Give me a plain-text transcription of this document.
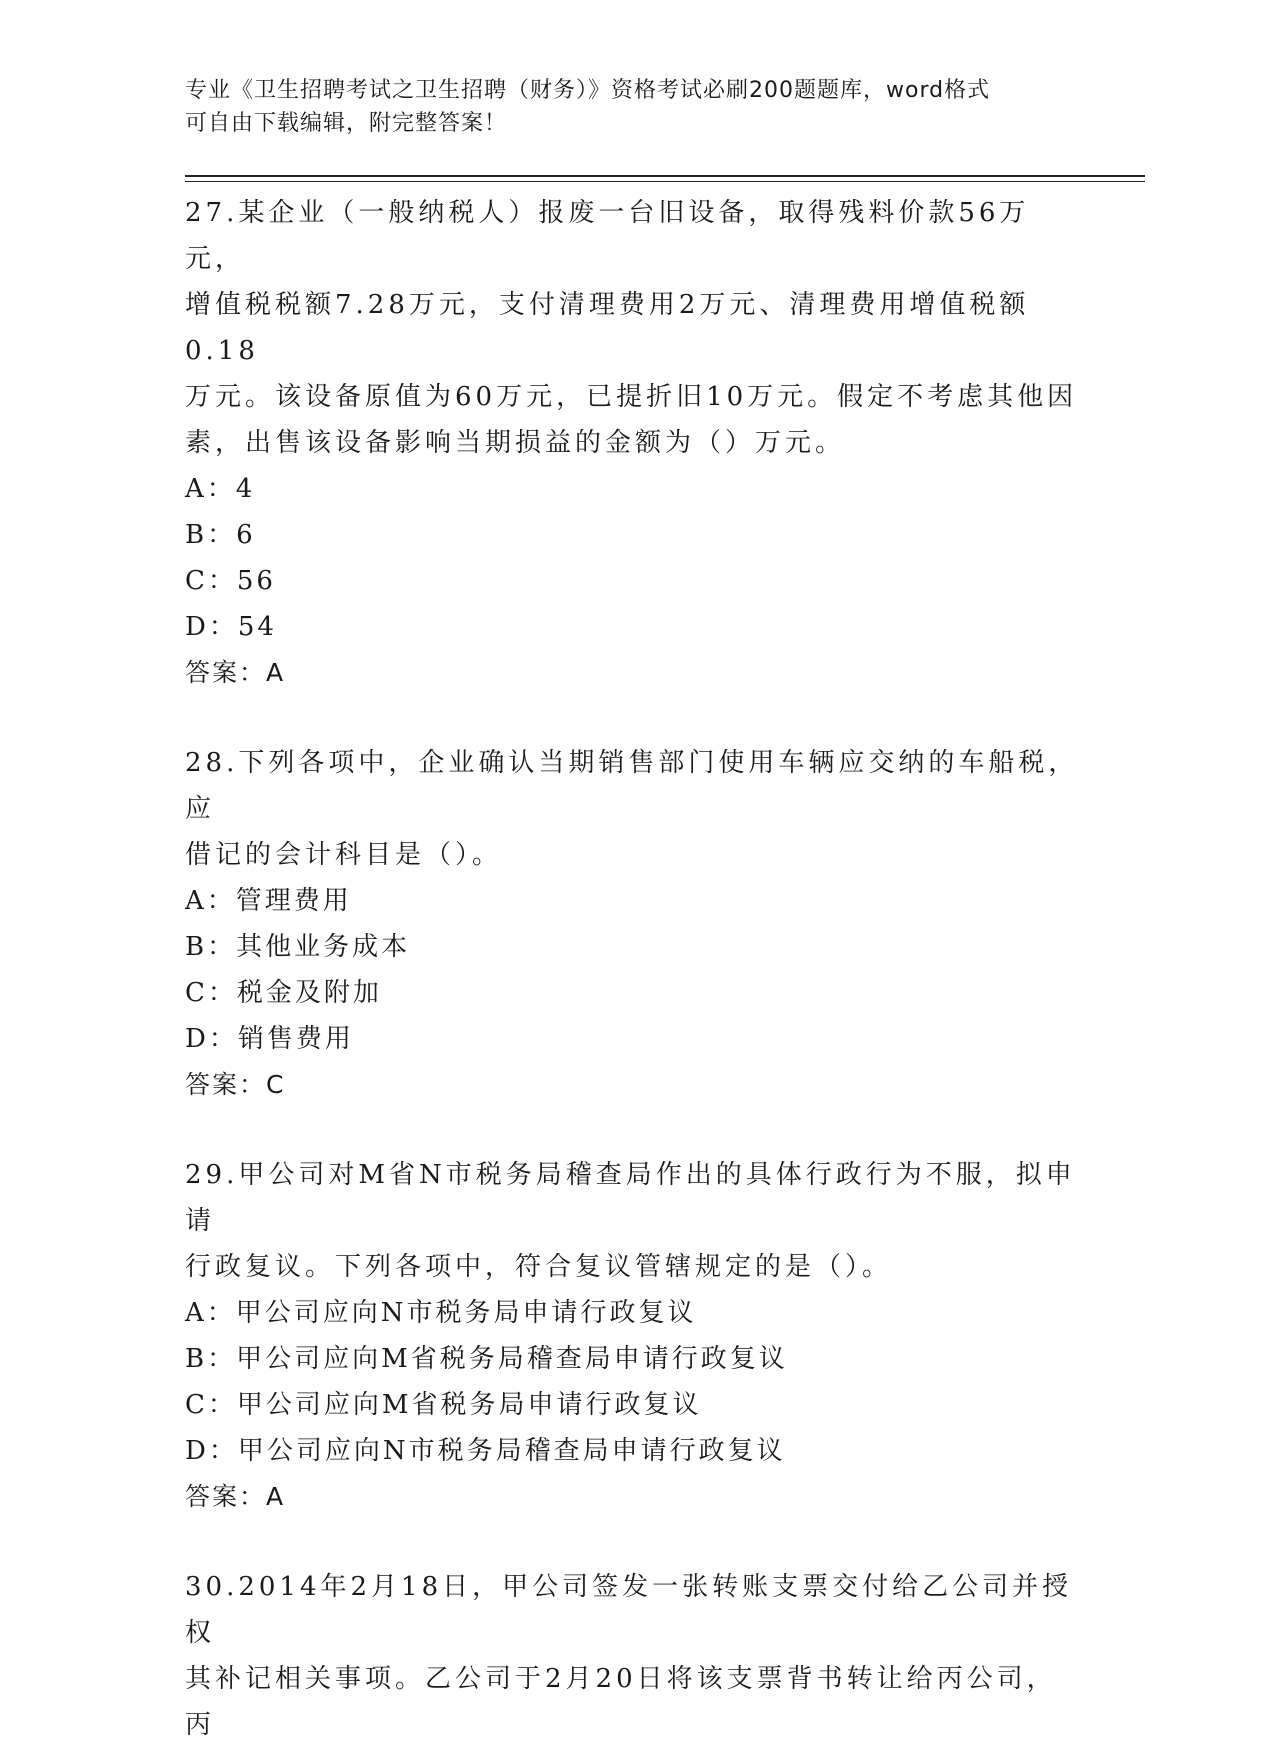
专业《卫生招聘考试之卫生招聘（财务）》资格考试必刷200题题库，word格式
可自由下载编辑，附完整答案！

27.某企业（一般纳税人）报废一台旧设备，取得残料价款56万元，

增值税税额7.28万元，支付清理费用2万元、清理费用增值税额0.18

万元。该设备原值为60万元，已提折旧10万元。假定不考虑其他因

素，出售该设备影响当期损益的金额为（）万元。

A：4

B：6

C：56

D：54

答案：A

28.下列各项中，企业确认当期销售部门使用车辆应交纳的车船税，应

借记的会计科目是（）。

A：管理费用

B：其他业务成本

C：税金及附加

D：销售费用

答案：C

29.甲公司对M省N市税务局稽查局作出的具体行政行为不服，拟申请

行政复议。下列各项中，符合复议管辖规定的是（）。

A：甲公司应向N市税务局申请行政复议

B：甲公司应向M省税务局稽查局申请行政复议

C：甲公司应向M省税务局申请行政复议

D：甲公司应向N市税务局稽查局申请行政复议

答案：A

30.2014年2月18日，甲公司签发一张转账支票交付给乙公司并授权

其补记相关事项。乙公司于2月20日将该支票背书转让给丙公司，丙
